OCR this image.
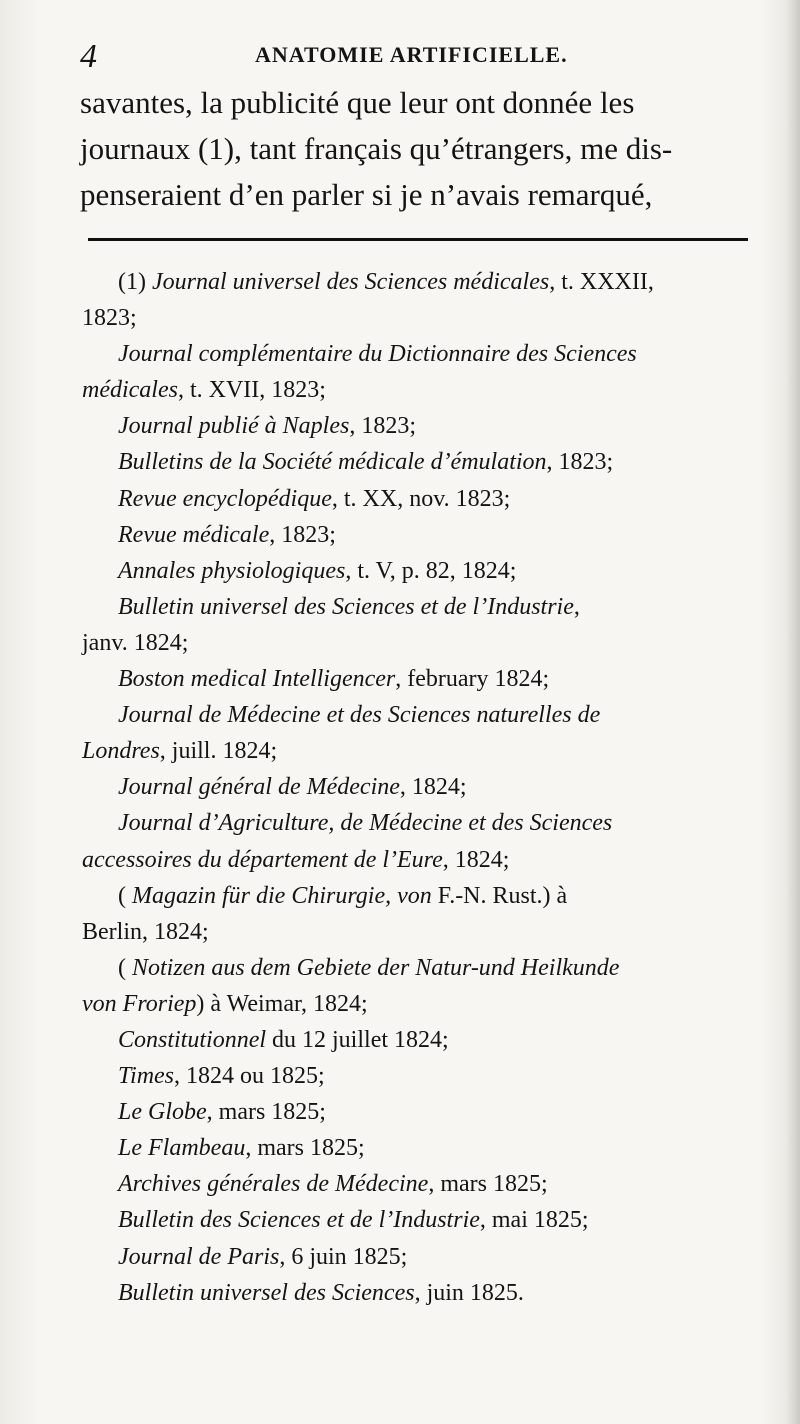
4	ANATOMIE ARTIFICIELLE.
savantes, la publicité que leur ont donnée les
journaux (1), tant français qu’étrangers, me dis-
penseraient d’en parler si je n’avais remarqué,
(1) Journal universel des Sciences médicales, t. XXXII,
1823;
Journal complémentaire du Dictionnaire des Sciences
médicales, t. XVII, 1823;
Journal publié à Naples, 1823;
Bulletins de la Société médicale d’émulation, 1823;
Revue encyclopédique, t. XX, nov. 1823;
Revue médicale, 1823;
Annales physiologiques, t. V, p. 82, 1824;
Bulletin universel des Sciences et de l’Industrie,
janv. 1824;
Boston medical Intelligencer, february 1824;
Journal de Médecine et des Sciences naturelles de
Londres, juill. 1824;
Journal général de Médecine, 1824;
Journal d’Agriculture, de Médecine et des Sciences
accessoires du département de l’Eure, 1824;
( Magazin für die Chirurgie, von F.-N. Rust.) à
Berlin, 1824;
( Notizen aus dem Gebiete der Natur-und Heilkunde
von Froriep) à Weimar, 1824;
Constitutionnel du 12 juillet 1824;
Times, 1824 ou 1825;
Le Globe, mars 1825;
Le Flambeau, mars 1825;
Archives générales de Médecine, mars 1825;
Bulletin des Sciences et de l’Industrie, mai 1825;
Journal de Paris, 6 juin 1825;
Bulletin universel des Sciences, juin 1825.
